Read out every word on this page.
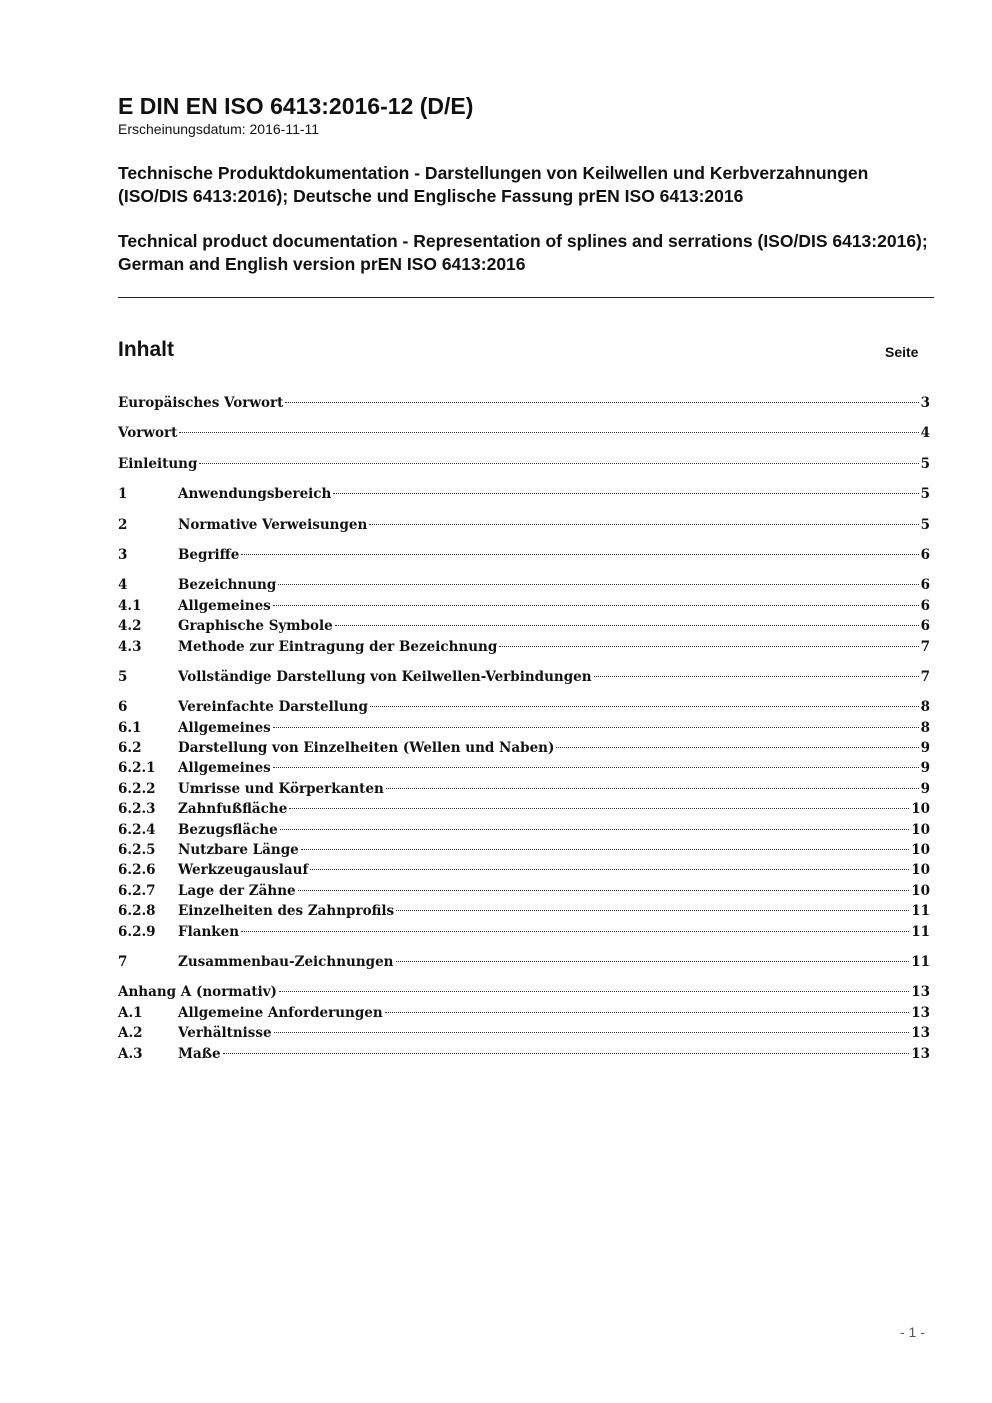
E DIN EN ISO 6413:2016-12 (D/E)
Erscheinungsdatum: 2016-11-11
Technische Produktdokumentation - Darstellungen von Keilwellen und Kerbverzahnungen (ISO/DIS 6413:2016); Deutsche und Englische Fassung prEN ISO 6413:2016
Technical product documentation - Representation of splines and serrations (ISO/DIS 6413:2016); German and English version prEN ISO 6413:2016
Inhalt	Seite
Europäisches Vorwort	3
Vorwort	4
Einleitung	5
1	Anwendungsbereich	5
2	Normative Verweisungen	5
3	Begriffe	6
4	Bezeichnung	6
4.1	Allgemeines	6
4.2	Graphische Symbole	6
4.3	Methode zur Eintragung der Bezeichnung	7
5	Vollständige Darstellung von Keilwellen-Verbindungen	7
6	Vereinfachte Darstellung	8
6.1	Allgemeines	8
6.2	Darstellung von Einzelheiten (Wellen und Naben)	9
6.2.1	Allgemeines	9
6.2.2	Umrisse und Körperkanten	9
6.2.3	Zahnfußfläche	10
6.2.4	Bezugsfläche	10
6.2.5	Nutzbare Länge	10
6.2.6	Werkzeugauslauf	10
6.2.7	Lage der Zähne	10
6.2.8	Einzelheiten des Zahnprofils	11
6.2.9	Flanken	11
7	Zusammenbau-Zeichnungen	11
Anhang A (normativ)	13
A.1	Allgemeine Anforderungen	13
A.2	Verhältnisse	13
A.3	Maße	13
- 1 -
